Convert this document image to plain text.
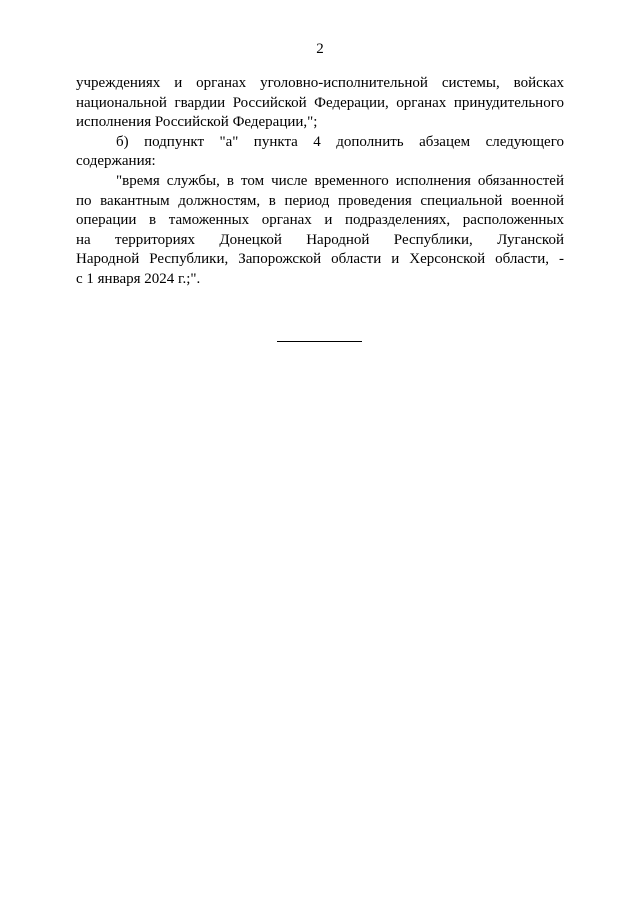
2
учреждениях и органах уголовно-исполнительной системы, войсках
национальной гвардии Российской Федерации, органах принудительного
исполнения Российской Федерации,";
б) подпункт "а" пункта 4 дополнить абзацем следующего
содержания:
"время службы, в том числе временного исполнения обязанностей
по вакантным должностям, в период проведения специальной военной
операции в таможенных органах и подразделениях, расположенных
на территориях Донецкой Народной Республики, Луганской
Народной Республики, Запорожской области и Херсонской области, -
с 1 января 2024 г.;".
